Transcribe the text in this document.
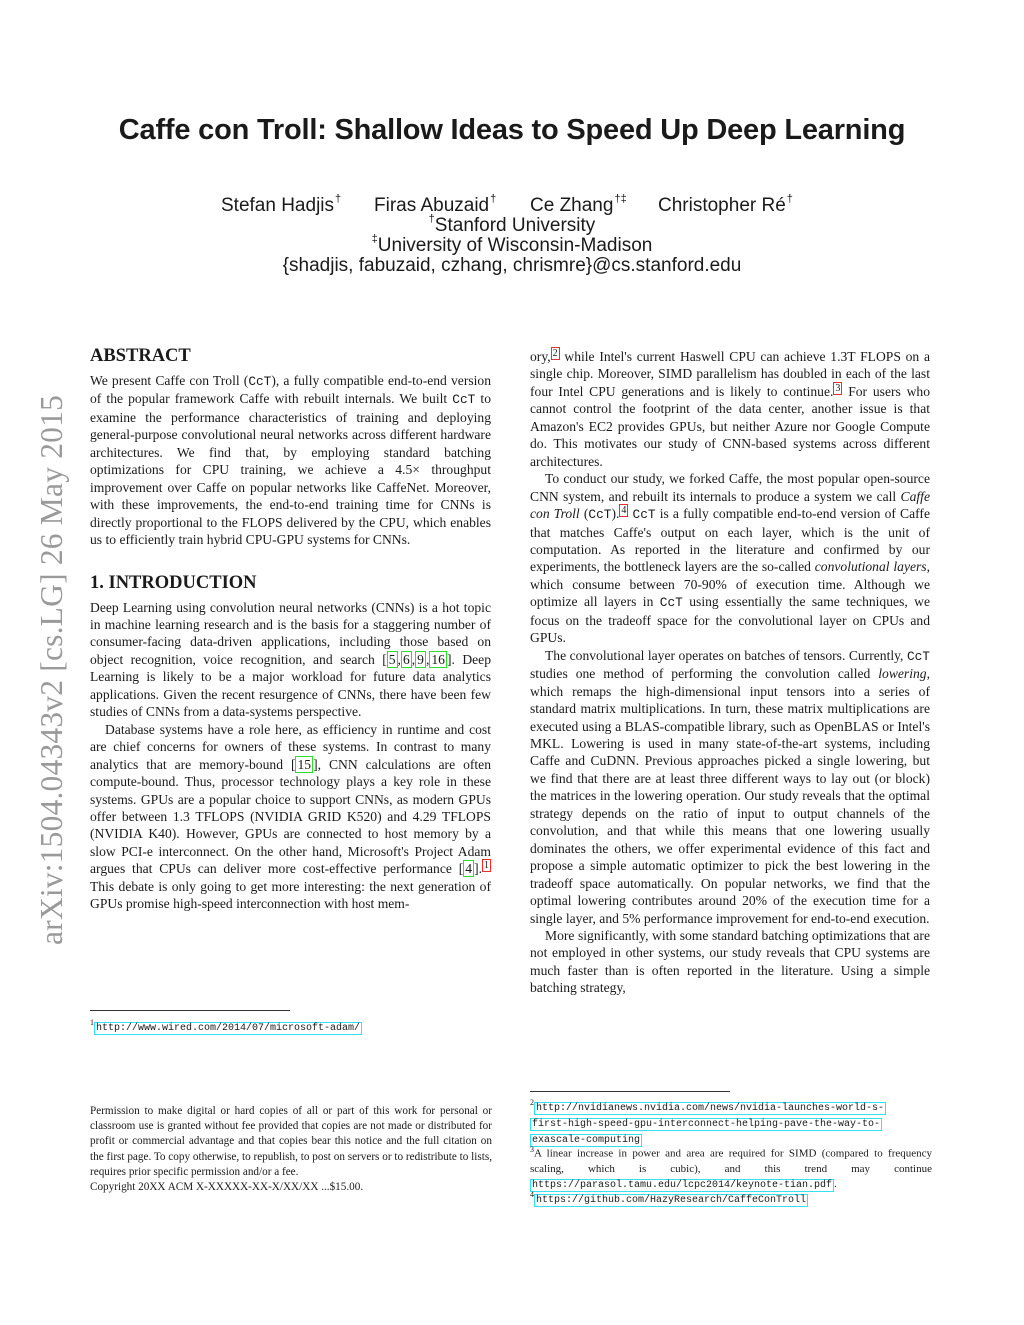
arXiv:1504.04343v2 [cs.LG] 26 May 2015
Caffe con Troll: Shallow Ideas to Speed Up Deep Learning
Stefan Hadjis† Firas Abuzaid† Ce Zhang†‡ Christopher Ré†
†Stanford University
‡University of Wisconsin-Madison
{shadjis, fabuzaid, czhang, chrismre}@cs.stanford.edu
ABSTRACT

We present Caffe con Troll (CcT), a fully compatible end-to-end version of the popular framework Caffe with rebuilt internals. We built CcT to examine the performance characteristics of training and deploying general-purpose convolutional neural networks across different hardware architectures. We find that, by employing standard batching optimizations for CPU training, we achieve a 4.5× throughput improvement over Caffe on popular networks like CaffeNet. Moreover, with these improvements, the end-to-end training time for CNNs is directly proportional to the FLOPS delivered by the CPU, which enables us to efficiently train hybrid CPU-GPU systems for CNNs.

1. INTRODUCTION

Deep Learning using convolution neural networks (CNNs) is a hot topic in machine learning research and is the basis for a staggering number of consumer-facing data-driven applications, including those based on object recognition, voice recognition, and search [ 5 , 6 , 9 , 16 ]. Deep Learning is likely to be a major workload for future data analytics applications. Given the recent resurgence of CNNs, there have been few studies of CNNs from a data-systems perspective.

Database systems have a role here, as efficiency in runtime and cost are chief concerns for owners of these systems. In contrast to many analytics that are memory-bound [ 15 ], CNN calculations are often compute-bound. Thus, processor technology plays a key role in these systems. GPUs are a popular choice to support CNNs, as modern GPUs offer between 1.3 TFLOPS (NVIDIA GRID K520) and 4.29 TFLOPS (NVIDIA K40). However, GPUs are connected to host memory by a slow PCI-e interconnect. On the other hand, Microsoft's Project Adam argues that CPUs can deliver more cost-effective performance [ 4 ]. $^1$ This debate is only going to get more interesting: the next generation of GPUs promise high-speed interconnection with host mem-

$^1$http://www.wired.com/2014/07/microsoft-adam/
Permission to make digital or hard copies of all or part of this work for personal or classroom use is granted without fee provided that copies are not made or distributed for profit or commercial advantage and that copies bear this notice and the full citation on the first page. To copy otherwise, to republish, to post on servers or to redistribute to lists, requires prior specific permission and/or a fee.
Copyright 20XX ACM X-XXXXX-XX-X/XX/XX ...$15.00.

ory, $^2$ while Intel's current Haswell CPU can achieve 1.3T FLOPS on a single chip. Moreover, SIMD parallelism has doubled in each of the last four Intel CPU generations and is likely to continue. $^3$ For users who cannot control the footprint of the data center, another issue is that Amazon's EC2 provides GPUs, but neither Azure nor Google Compute do. This motivates our study of CNN-based systems across different architectures.

To conduct our study, we forked Caffe, the most popular open-source CNN system, and rebuilt its internals to produce a system we call Caffe con Troll (CcT). $^4$ CcT is a fully compatible end-to-end version of Caffe that matches Caffe's output on each layer, which is the unit of computation. As reported in the literature and confirmed by our experiments, the bottleneck layers are the so-called convolutional layers, which consume between 70-90% of execution time. Although we optimize all layers in CcT using essentially the same techniques, we focus on the tradeoff space for the convolutional layer on CPUs and GPUs.

The convolutional layer operates on batches of tensors. Currently, CcT studies one method of performing the convolution called lowering, which remaps the high-dimensional input tensors into a series of standard matrix multiplications. In turn, these matrix multiplications are executed using a BLAS-compatible library, such as OpenBLAS or Intel's MKL. Lowering is used in many state-of-the-art systems, including Caffe and CuDNN. Previous approaches picked a single lowering, but we find that there are at least three different ways to lay out (or block) the matrices in the lowering operation. Our study reveals that the optimal strategy depends on the ratio of input to output channels of the convolution, and that while this means that one lowering usually dominates the others, we offer experimental evidence of this fact and propose a simple automatic optimizer to pick the best lowering in the tradeoff space automatically. On popular networks, we find that the optimal lowering contributes around 20% of the execution time for a single layer, and 5% performance improvement for end-to-end execution.

More significantly, with some standard batching optimizations that are not employed in other systems, our study reveals that CPU systems are much faster than is often reported in the literature. Using a simple batching strategy,

$^2$http://nvidianews.nvidia.com/news/nvidia-launches-world-s-
first-high-speed-gpu-interconnect-helping-pave-the-way-to-
exascale-computing
$^3$A linear increase in power and area are required for SIMD (compared to frequency scaling, which is cubic), and this trend may continue https://parasol.tamu.edu/lcpc2014/keynote-tian.pdf .
$^4$https://github.com/HazyResearch/CaffeConTroll
